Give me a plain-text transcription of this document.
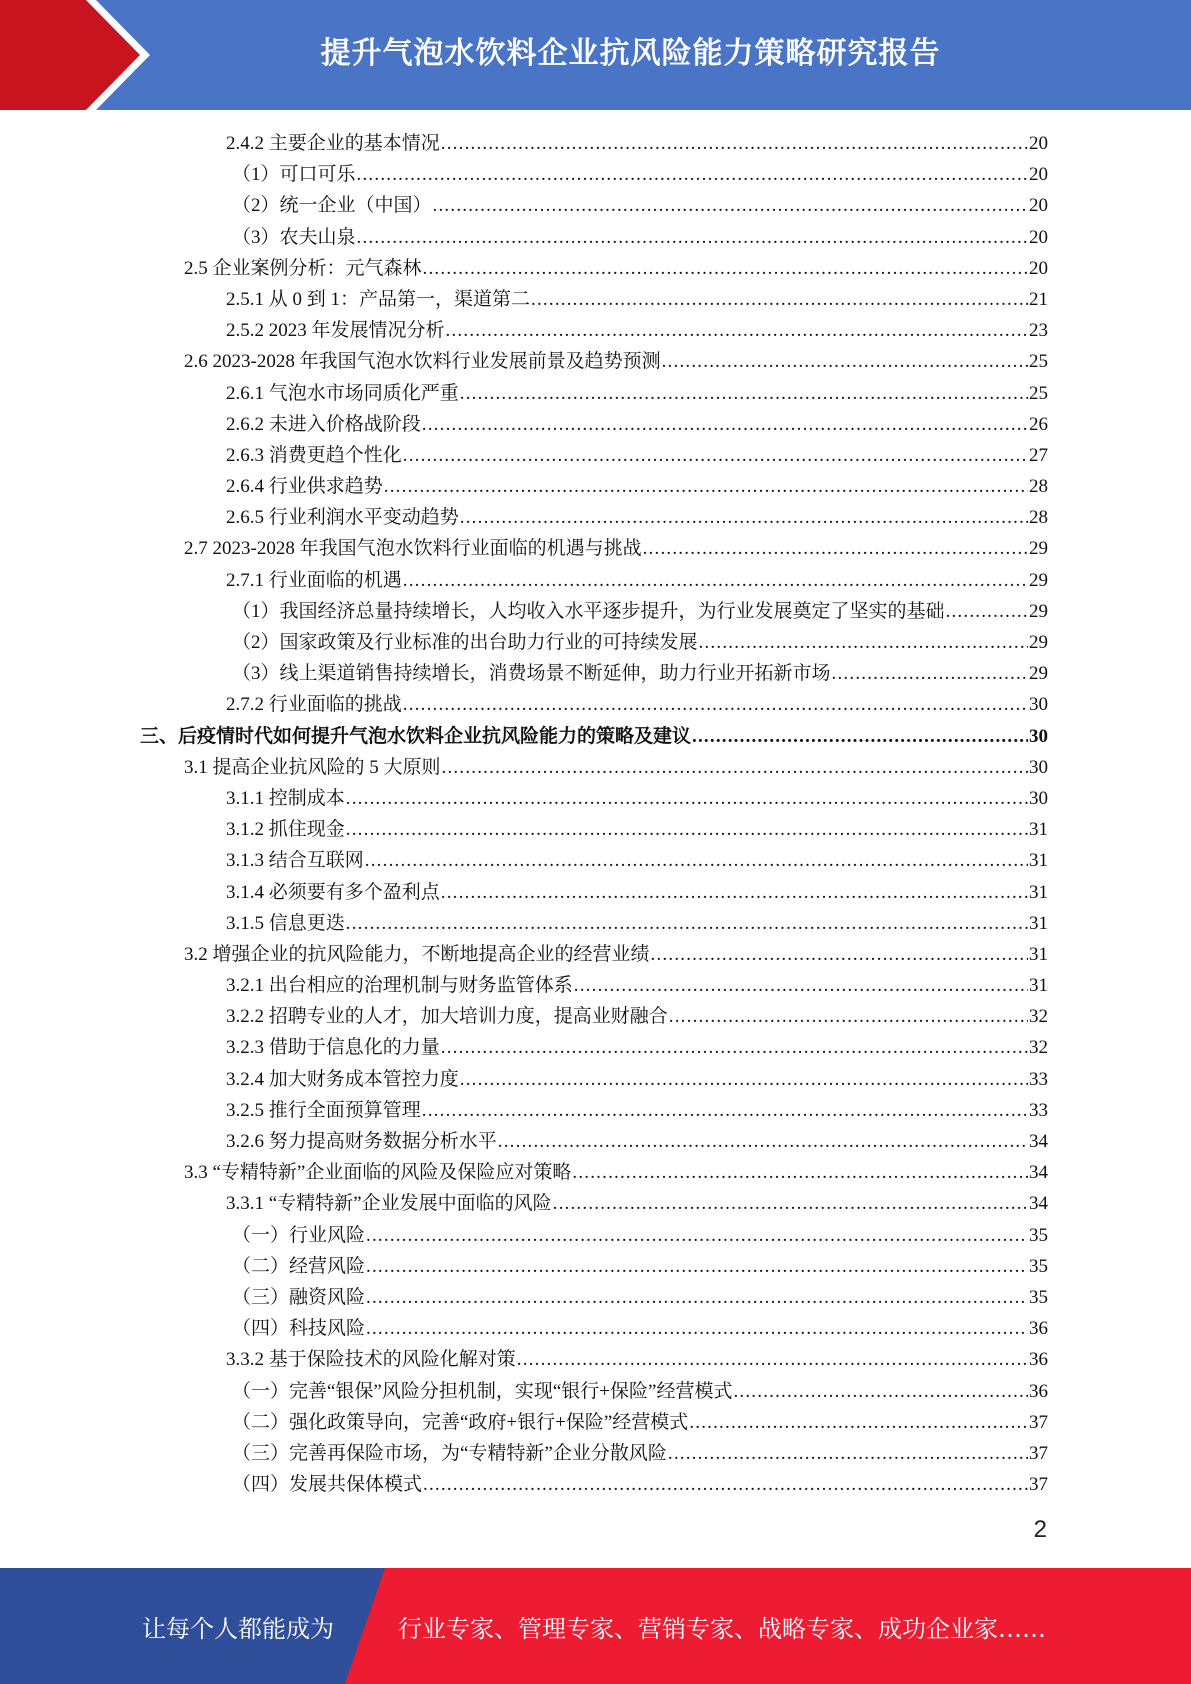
提升气泡水饮料企业抗风险能力策略研究报告
2.4.2 主要企业的基本情况 .....	20
（1）可口可乐 .....	20
（2）统一企业（中国） .....	20
（3）农夫山泉 .....	20
2.5 企业案例分析：元气森林 .....	20
2.5.1 从 0 到 1：产品第一，渠道第二 .....	21
2.5.2 2023 年发展情况分析 .....	23
2.6 2023-2028 年我国气泡水饮料行业发展前景及趋势预测 .....	25
2.6.1 气泡水市场同质化严重 .....	25
2.6.2 未进入价格战阶段 .....	26
2.6.3 消费更趋个性化 .....	27
2.6.4 行业供求趋势 .....	28
2.6.5 行业利润水平变动趋势 .....	28
2.7 2023-2028 年我国气泡水饮料行业面临的机遇与挑战 .....	29
2.7.1 行业面临的机遇 .....	29
（1）我国经济总量持续增长，人均收入水平逐步提升，为行业发展奠定了坚实的基础 .....	29
（2）国家政策及行业标准的出台助力行业的可持续发展 .....	29
（3）线上渠道销售持续增长，消费场景不断延伸，助力行业开拓新市场 .....	29
2.7.2 行业面临的挑战 .....	30
三、后疫情时代如何提升气泡水饮料企业抗风险能力的策略及建议 .....	30
3.1 提高企业抗风险的 5 大原则 .....	30
3.1.1 控制成本 .....	30
3.1.2 抓住现金 .....	31
3.1.3 结合互联网 .....	31
3.1.4 必须要有多个盈利点 .....	31
3.1.5 信息更迭 .....	31
3.2 增强企业的抗风险能力，不断地提高企业的经营业绩 .....	31
3.2.1 出台相应的治理机制与财务监管体系 .....	31
3.2.2 招聘专业的人才，加大培训力度，提高业财融合 .....	32
3.2.3 借助于信息化的力量 .....	32
3.2.4 加大财务成本管控力度 .....	33
3.2.5 推行全面预算管理 .....	33
3.2.6 努力提高财务数据分析水平 .....	34
3.3 “专精特新”企业面临的风险及保险应对策略 .....	34
3.3.1 “专精特新”企业发展中面临的风险 .....	34
（一）行业风险 .....	35
（二）经营风险 .....	35
（三）融资风险 .....	35
（四）科技风险 .....	36
3.3.2 基于保险技术的风险化解对策 .....	36
（一）完善“银保”风险分担机制，实现“银行+保险”经营模式 .....	36
（二）强化政策导向，完善“政府+银行+保险”经营模式 .....	37
（三）完善再保险市场，为“专精特新”企业分散风险 .....	37
（四）发展共保体模式 .....	37
2
让每个人都能成为	行业专家、管理专家、营销专家、战略专家、成功企业家……
